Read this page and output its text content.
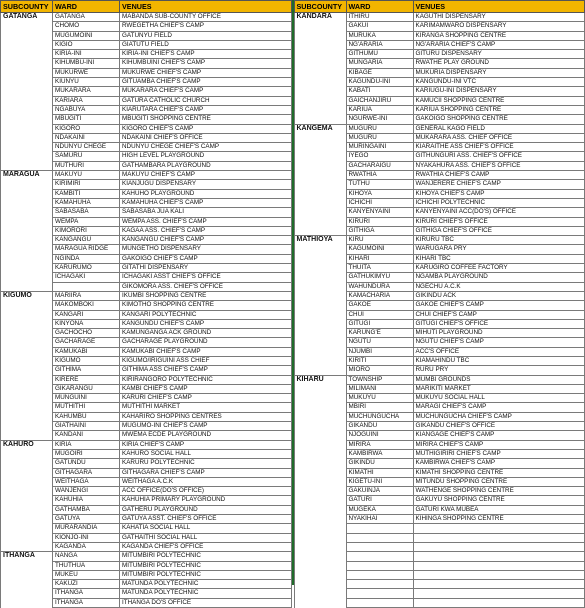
SUBCOUNTY	WARD	VENUES
GATANGA	GATANGA	MABANDA SUB-COUNTY OFFICE
	CHOMO	RWEGETHA CHIEF'S CAMP
	MUGUMOINI	GATUNYU FIELD
	KIGIO	GIATUTU FIELD
	KIRIA-INI	KIRIA-INI CHIEF'S CAMP
	KIHUMBU-INI	KIHUMBUINI CHIEF'S CAMP
	MUKURWE	MUKURWE CHIEF'S CAMP
	KIUNYU	GITUAMBA CHIEF'S CAMP
	MUKARARA	MUKARARA CHIEF'S CAMP
	KARIARA	GATURA CATHOLIC CHURCH
	NGABUYA	KIARUTARA CHIEF'S CAMP
	MBUGITI	MBUGITI SHOPPING CENTRE
	KIGORO	KIGORO CHIEF'S CAMP
	NDAKAINI	NDAKAINI CHIEF'S OFFICE
	NDUNYU CHEGE	NDUNYU CHEGE CHIEF'S CAMP
	SAMURU	HIGH LEVEL PLAYGROUND
	MUTHURI	GATHAMBARA PLAYGROUND
MARAGUA	MAKUYU	MAKUYU CHIEF'S CAMP
	KIRIMIRI	KIANJUGU DISPENSARY
	KAMBITI	KAHUHO PLAYGROUND
	KAMAHUHA	KAMAHUHA CHIEF'S CAMP
	SABASABA	SABASABA JUA KALI
	WEMPA	WEMPA ASS. CHIEF'S CAMP
	KIMORORI	KAGAA ASS. CHIEF'S CAMP
	KANGANGU	KANGANGU CHIEF'S CAMP
	MARAGUA RIDGE	MUNGETHO DISPENSARY
	NGINDA	GAKOIGO CHIEF'S CAMP
	KARURUMO	GITATHI DISPENSARY
	ICHAGAKI	ICHAGAKI ASST CHIEF'S OFFICE
		GIKOMORA ASS. CHIEF'S OFFICE
KIGUMO	MARIIRA	IKUMBI SHOPPING CENTRE
	MAKOMBOKI	KIMOTHO SHOPPING CENTRE
	KANGARI	KANGARI POLYTECHNIC
	KINYONA	KANGUNDU CHIEF'S CAMP
	GACHOCHO	KAMUNGANGA ACK GROUND
	GACHARAGE	GACHARAGE PLAYGROUND
	KAMUKABI	KAMUKABI CHIEF'S CAMP
	KIGUMO	KIGUMO/IRIGUINI ASS CHIEF
	GITHIMA	GITHIMA ASS CHIEF'S CAMP
	KIRERE	KIRIRANGORO POLYTECHNIC
	GIKARANGU	KAMBI CHIEF'S CAMP
	MUNGUINI	KARURI CHIEF'S CAMP
	MUTHITHI	MUTHITHI MARKET
	KAHUMBU	KAHARIRO SHOPPING CENTRES
	GIATHAINI	MUGUMO-INI CHIEF'S CAMP
	KANDANI	MWEMA ECDE PLAYGROUND
KAHURO	KIRIA	KIRIA CHIEF'S CAMP
	MUGOIRI	KAHURO SOCIAL HALL
	GATUNDU	KARURU POLYTECHNIC
	GITHAGARA	GITHAGARA CHIEF'S CAMP
	WEITHAGA	WEITHAGA A.C.K
	WANJENGI	ACC OFFICE(DO'S OFFICE)
	KAHUHIA	KAHUHIA PRIMARY PLAYGROUND
	GATHAMBA	GATHERU PLAYGROUND
	GATUYA	GATUYA ASST. CHIEF'S OFFICE
	MURARANDIA	KAHATIA SOCIAL HALL
	KIONJO-INI	GATHAITHI SOCIAL HALL
	KAGANDA	KAGANDA CHIEF'S OFFICE
ITHANGA	NANGA	MITUMBIRI POLYTECHNIC
	THUTHUA	MITUMBIRI POLYTECHNIC
	MUKEU	MITUMBIRI POLYTECHNIC
	KAKUZI	MATUNDA POLYTECHNIC
	ITHANGA	MATUNDA POLYTECHNIC
	ITHANGA	ITHANGA DO'S OFFICE
SUBCOUNTY	WARD	VENUES
KANDARA	ITHIRU	KAGUTHI DISPENSARY
	GAKUI	KARIMAMWARO DISPENSARY
	MURUKA	KIRANGA SHOPPING CENTRE
	NG'ARARIA	NG'ARARIA CHIEF'S CAMP
	GITHUMU	GITURU DISPENSARY
	MUNGARIA	RWATHE PLAY GROUND
	KIBAGE	MUKURIA DISPENSARY
	KAGUNDU-INI	KANGUNDU-INI VTC
	KABATI	KARIUGU-INI DISPENSARY
	GAICHANJIRU	KAMUCII SHOPPING CENTRE
	KARIUA	KARIUA SHOPPING CENTRE
	NGURWE-INI	GAKOIGO SHOPPING CENTRE
KANGEMA	MUGURU	GENERAL KAGO FIELD
	MUGURU	MUKARARA ASS. CHIEF OFFICE
	MURINGAINI	KIARAITHE ASS CHIEF'S OFFICE
	IYEGO	GITHUNGURI ASS. CHIEF'S OFFICE
	GACHARAIGU	NYAKAHURA ASS. CHIEF'S OFFICE
	RWATHIA	RWATHIA CHIEF'S CAMP
	TUTHU	WANJERERE CHIEF'S CAMP
	KIHOYA	KIHOYA CHIEF'S CAMP
	ICHICHI	ICHICHI POLYTECHNIC
	KANYENYAINI	KANYENYAINI ACC(DO'S) OFFICE
	KIRURI	KIRURI CHIEF'S OFFICE
	GITHIGA	GITHIGA CHIEF'S OFFICE
MATHIOYA	KIRU	KIRURU TBC
	KAGUMOINI	WARUGARA PRY
	KIHARI	KIHARI TBC
	THUITA	KARUGIRO COFFEE FACTORY
	GATHUKIMYU	NGAMBA PLAYGROUND
	WAHUNDURA	NGECHU A.C.K
	KAMACHARIA	GIKINDU ACK
	GAKOE	GAKOE CHIEF'S CAMP
	CHUI	CHUI CHIEF'S CAMP
	GITUGI	GITUGI CHIEF'S OFFICE
	KARUNG'E	MIHUTI PLAYGROUND
	NGUTU	NGUTU CHIEF'S CAMP
	NJUMBI	ACC'S OFFICE
	KIRITI	KIAMAHINDU TBC
	MIORO	RURU PRY
KIHARU	TOWNSHIP	MUMBI GROUNDS
	MILIMANI	MARIKITI MARKET
	MUKUYU	MUKUYU SOCIAL HALL
	MBIRI	MARAGI CHIEF'S CAMP
	MUCHUNGUCHA	MUCHUNGUCHA CHIEF'S CAMP
	GIKANDU	GIKANDU CHIEF'S OFFICE
	NJOGUINI	KIANGAGE CHIEF'S CAMP
	MIRIRA	MIRIRA CHIEF'S CAMP
	KAMBIRWA	MUTHIGIRIRI CHIEF'S CAMP
	GIKINDU	KAMBIRWA CHIEF'S CAMP
	KIMATHI	KIMATHI SHOPPING CENTRE
	KIGETU-INI	MITUNDU SHOPPING CENTRE
	GAKUINJA	WATHENGE SHOPPING CENTRE
	GATURI	GAKUYU SHOPPING CENTRE
	MUGEKA	GATURI KWA MUBEA
	NYAKIHAI	KIHINGA SHOPPING CENTRE
